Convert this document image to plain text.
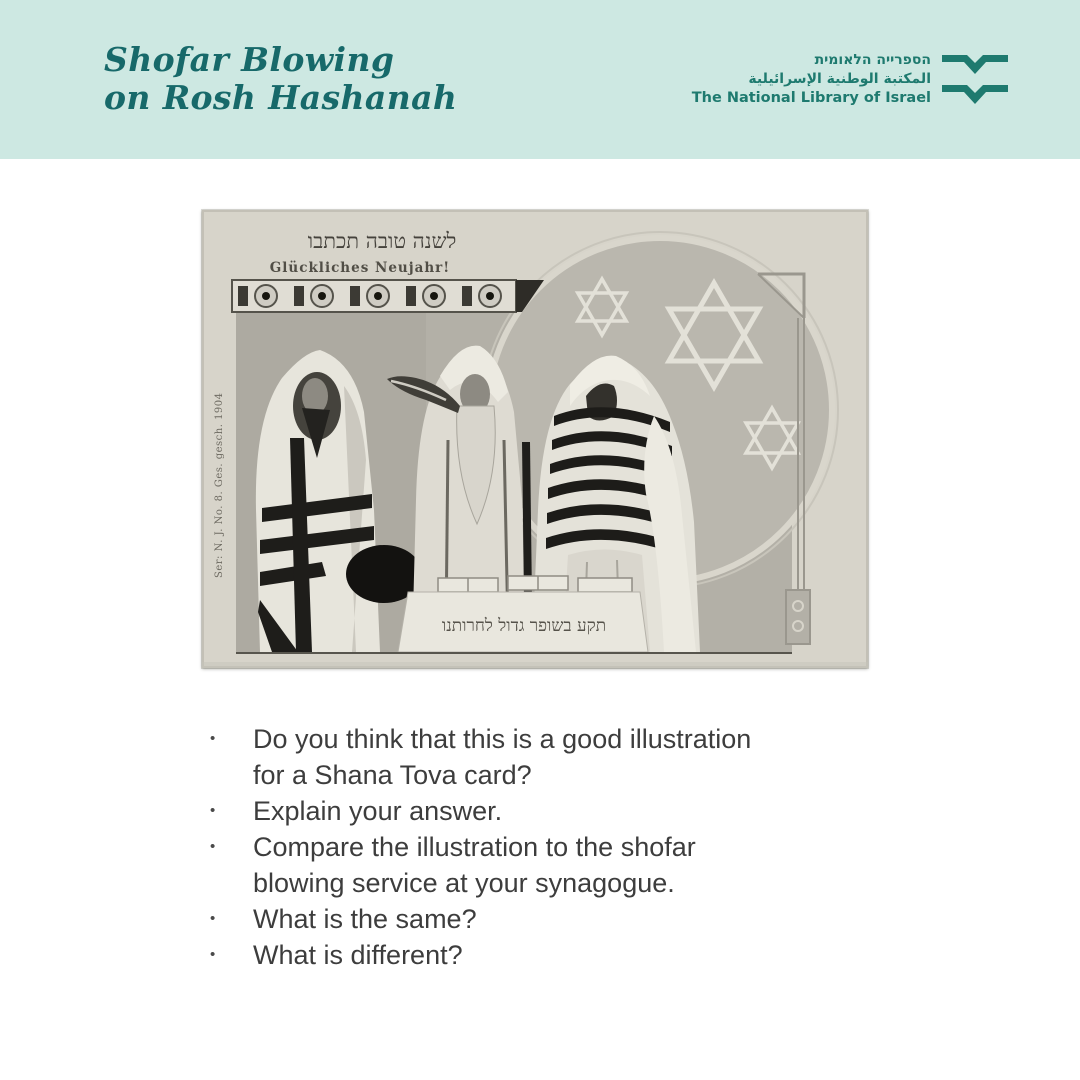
Shofar Blowing
on Rosh Hashanah
הספרייה הלאומית
المكتبة الوطنية الإسرائيلية
The National Library of Israel
תקע בשופר גדול לחרותנו
לשנה טובה תכתבו
Glückliches Neujahr!
Ser: N. J. No. 8. Ges. gesch. 1904
•	Do you think that this is a good illustration
for a Shana Tova card?
•	Explain your answer.
•	Compare the illustration to the shofar
blowing service at your synagogue.
•	What is the same?
•	What is different?
